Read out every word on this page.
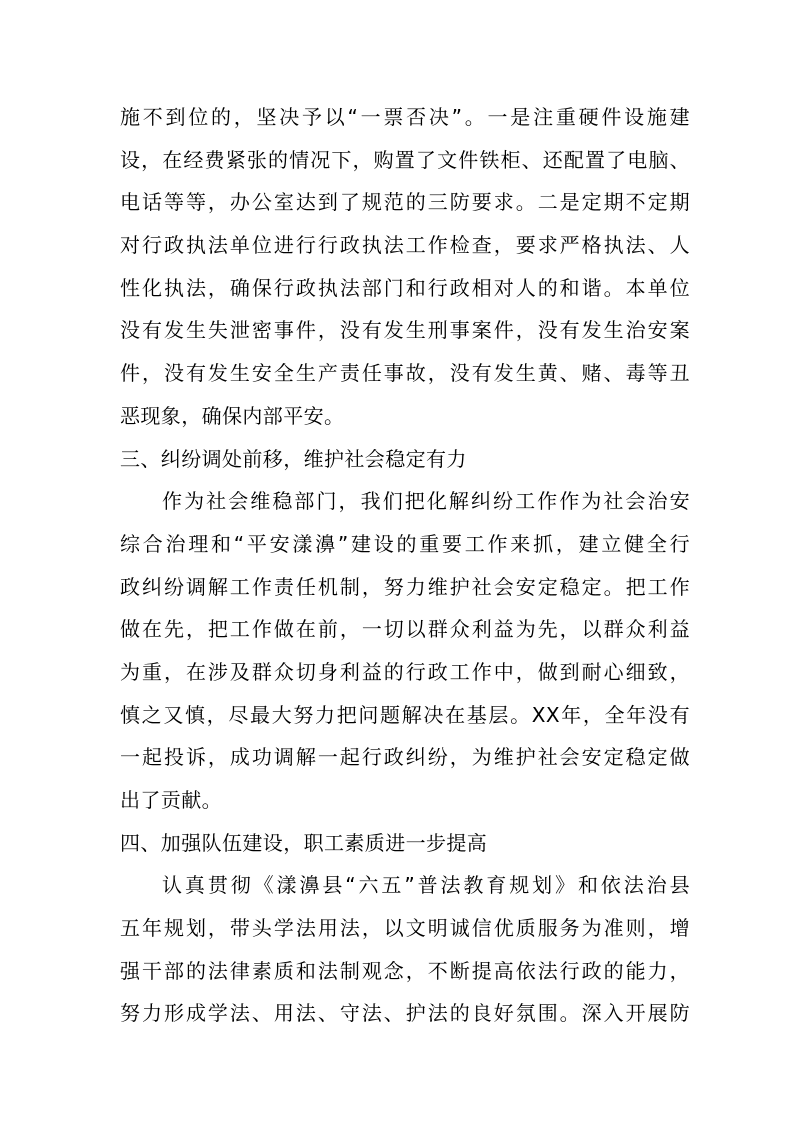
施不到位的，坚决予以“一票否决”。一是注重硬件设施建
设，在经费紧张的情况下，购置了文件铁柜、还配置了电脑、
电话等等，办公室达到了规范的三防要求。二是定期不定期
对行政执法单位进行行政执法工作检查，要求严格执法、人
性化执法，确保行政执法部门和行政相对人的和谐。本单位
没有发生失泄密事件，没有发生刑事案件，没有发生治安案
件，没有发生安全生产责任事故，没有发生黄、赌、毒等丑
恶现象，确保内部平安。
三、纠纷调处前移，维护社会稳定有力
作为社会维稳部门，我们把化解纠纷工作作为社会治安
综合治理和“平安漾濞”建设的重要工作来抓，建立健全行
政纠纷调解工作责任机制，努力维护社会安定稳定。把工作
做在先，把工作做在前，一切以群众利益为先，以群众利益
为重，在涉及群众切身利益的行政工作中，做到耐心细致，
慎之又慎，尽最大努力把问题解决在基层。XX年，全年没有
一起投诉，成功调解一起行政纠纷，为维护社会安定稳定做
出了贡献。
四、加强队伍建设，职工素质进一步提高
认真贯彻《漾濞县“六五”普法教育规划》和依法治县
五年规划，带头学法用法，以文明诚信优质服务为准则，增
强干部的法律素质和法制观念，不断提高依法行政的能力，
努力形成学法、用法、守法、护法的良好氛围。深入开展防
